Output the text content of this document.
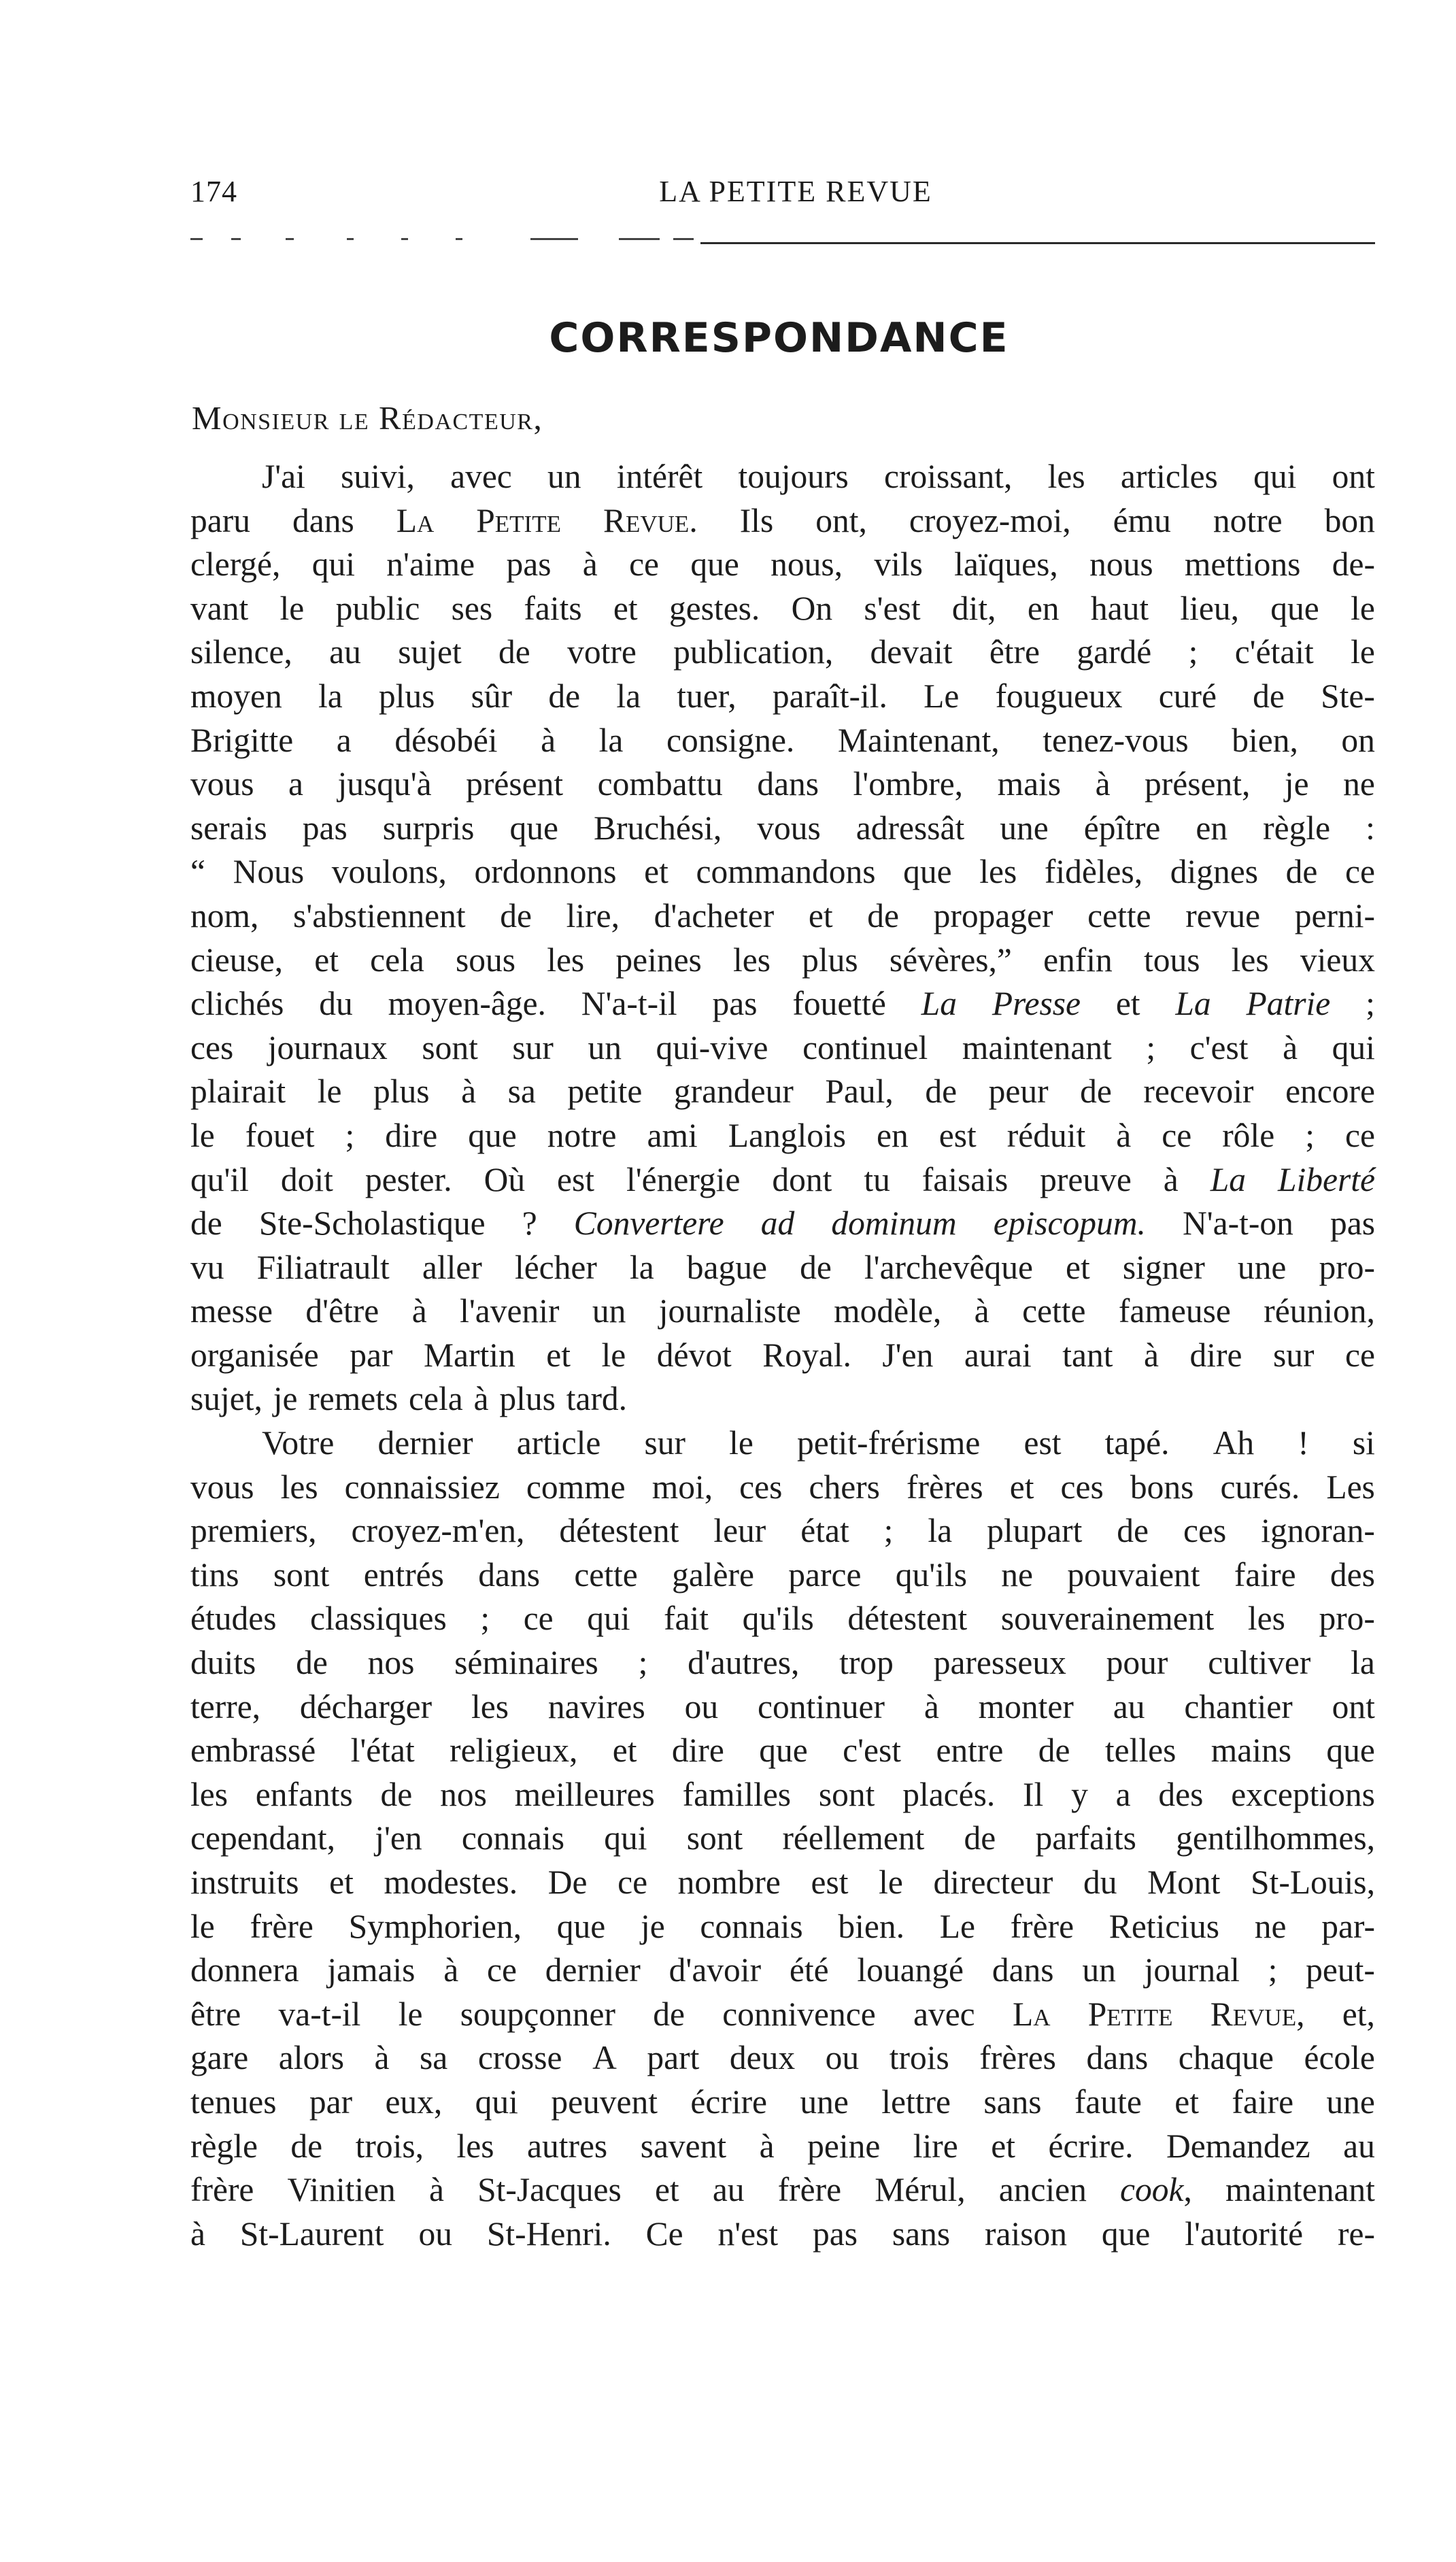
174	LA PETITE REVUE
CORRESPONDANCE
Monsieur le Rédacteur,
J'ai suivi, avec un intérêt toujours croissant, les articles qui ont
paru dans La Petite Revue. Ils ont, croyez-moi, ému notre bon
clergé, qui n'aime pas à ce que nous, vils laïques, nous mettions de-
vant le public ses faits et gestes. On s'est dit, en haut lieu, que le
silence, au sujet de votre publication, devait être gardé ; c'était le
moyen la plus sûr de la tuer, paraît-il. Le fougueux curé de Ste-
Brigitte a désobéi à la consigne. Maintenant, tenez-vous bien, on
vous a jusqu'à présent combattu dans l'ombre, mais à présent, je ne
serais pas surpris que Bruchési, vous adressât une épître en règle :
“ Nous voulons, ordonnons et commandons que les fidèles, dignes de ce
nom, s'abstiennent de lire, d'acheter et de propager cette revue perni-
cieuse, et cela sous les peines les plus sévères,” enfin tous les vieux
clichés du moyen-âge. N'a-t-il pas fouetté La Presse et La Patrie ;
ces journaux sont sur un qui-vive continuel maintenant ; c'est à qui
plairait le plus à sa petite grandeur Paul, de peur de recevoir encore
le fouet ; dire que notre ami Langlois en est réduit à ce rôle ; ce
qu'il doit pester. Où est l'énergie dont tu faisais preuve à La Liberté
de Ste-Scholastique ? Convertere ad dominum episcopum. N'a-t-on pas
vu Filiatrault aller lécher la bague de l'archevêque et signer une pro-
messe d'être à l'avenir un journaliste modèle, à cette fameuse réunion,
organisée par Martin et le dévot Royal. J'en aurai tant à dire sur ce
sujet, je remets cela à plus tard.
Votre dernier article sur le petit-frérisme est tapé. Ah ! si
vous les connaissiez comme moi, ces chers frères et ces bons curés. Les
premiers, croyez-m'en, détestent leur état ; la plupart de ces ignoran-
tins sont entrés dans cette galère parce qu'ils ne pouvaient faire des
études classiques ; ce qui fait qu'ils détestent souverainement les pro-
duits de nos séminaires ; d'autres, trop paresseux pour cultiver la
terre, décharger les navires ou continuer à monter au chantier ont
embrassé l'état religieux, et dire que c'est entre de telles mains que
les enfants de nos meilleures familles sont placés. Il y a des exceptions
cependant, j'en connais qui sont réellement de parfaits gentilhommes,
instruits et modestes. De ce nombre est le directeur du Mont St-Louis,
le frère Symphorien, que je connais bien. Le frère Reticius ne par-
donnera jamais à ce dernier d'avoir été louangé dans un journal ; peut-
être va-t-il le soupçonner de connivence avec La Petite Revue, et,
gare alors à sa crosse A part deux ou trois frères dans chaque école
tenues par eux, qui peuvent écrire une lettre sans faute et faire une
règle de trois, les autres savent à peine lire et écrire. Demandez au
frère Vinitien à St-Jacques et au frère Mérul, ancien cook, maintenant
à St-Laurent ou St-Henri. Ce n'est pas sans raison que l'autorité re-
